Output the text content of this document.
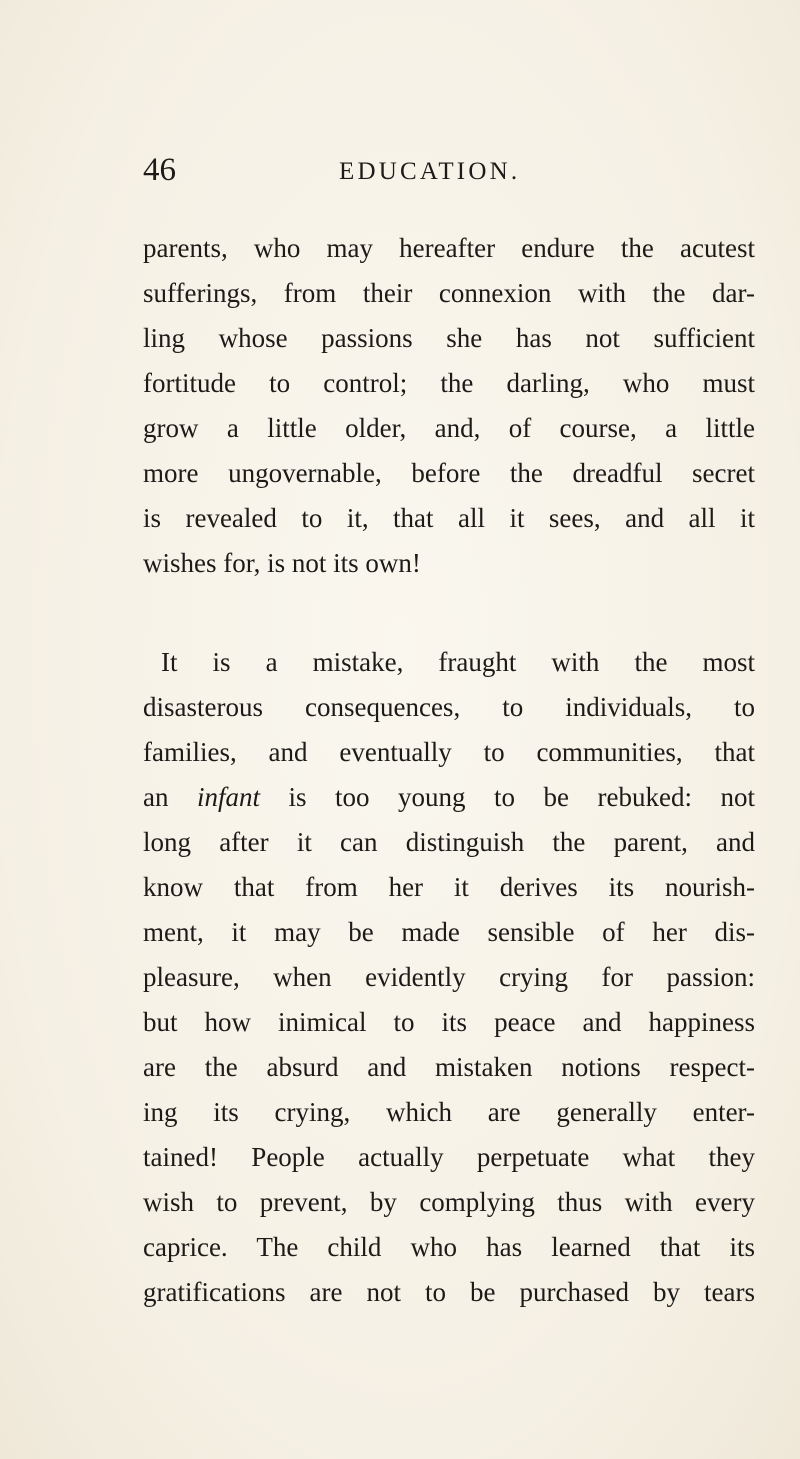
46	EDUCATION.
parents, who may hereafter endure the acutest
sufferings, from their connexion with the dar-
ling whose passions she has not sufficient
fortitude to control; the darling, who must
grow a little older, and, of course, a little
more ungovernable, before the dreadful secret
is revealed to it, that all it sees, and all it
wishes for, is not its own!
It is a mistake, fraught with the most
disasterous consequences, to individuals, to
families, and eventually to communities, that
an infant is too young to be rebuked: not
long after it can distinguish the parent, and
know that from her it derives its nourish-
ment, it may be made sensible of her dis-
pleasure, when evidently crying for passion:
but how inimical to its peace and happiness
are the absurd and mistaken notions respect-
ing its crying, which are generally enter-
tained! People actually perpetuate what they
wish to prevent, by complying thus with every
caprice. The child who has learned that its
gratifications are not to be purchased by tears
